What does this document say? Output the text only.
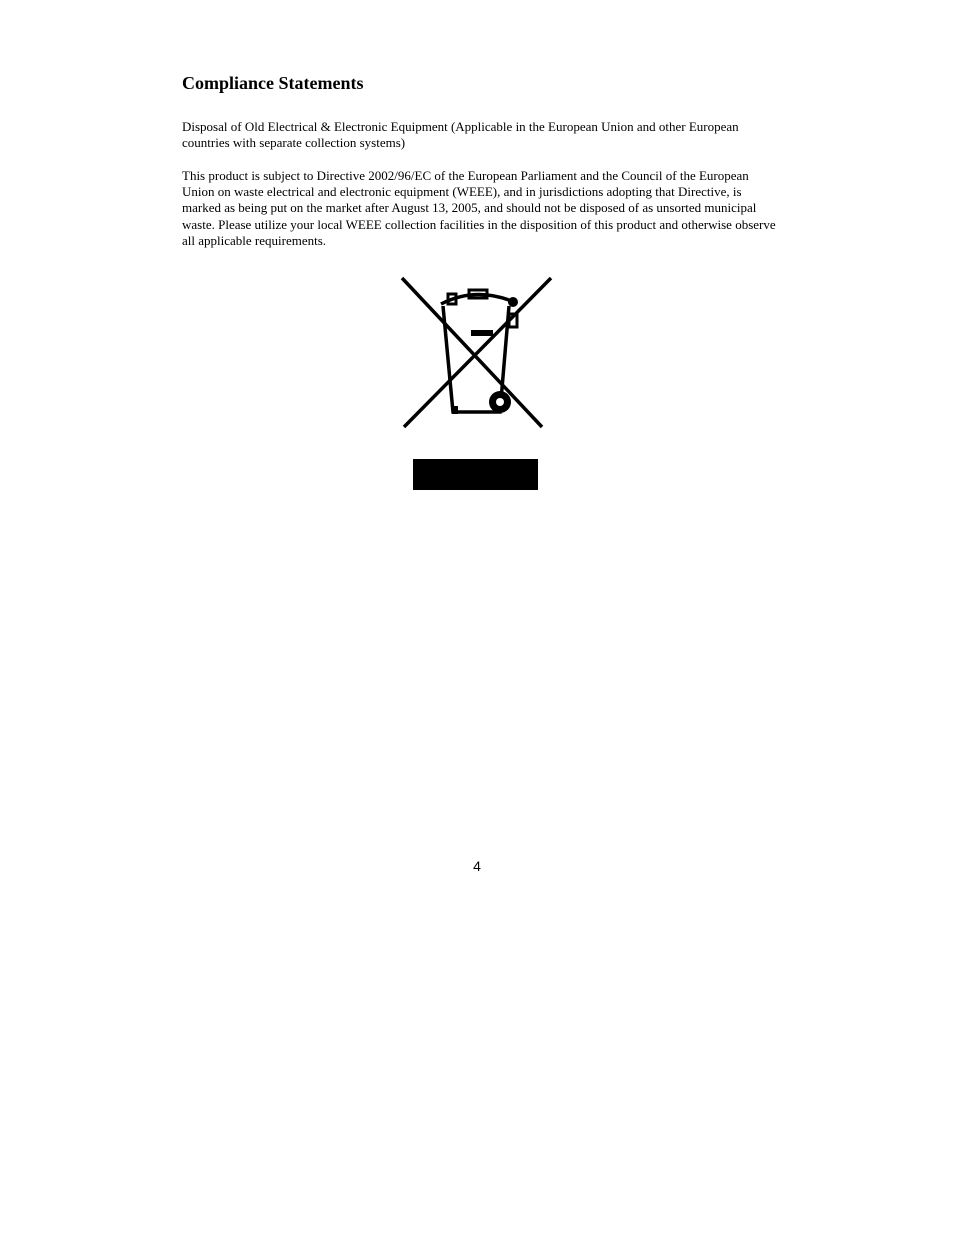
Compliance Statements

Disposal of Old Electrical & Electronic Equipment (Applicable in the European Union and other European countries with separate collection systems)

This product is subject to Directive 2002/96/EC of the European Parliament and the Council of the European Union on waste electrical and electronic equipment (WEEE), and in jurisdictions adopting that Directive, is marked as being put on the market after August 13, 2005, and should not be disposed of as unsorted municipal waste. Please utilize your local WEEE collection facilities in the disposition of this product and otherwise observe all applicable requirements.

4
